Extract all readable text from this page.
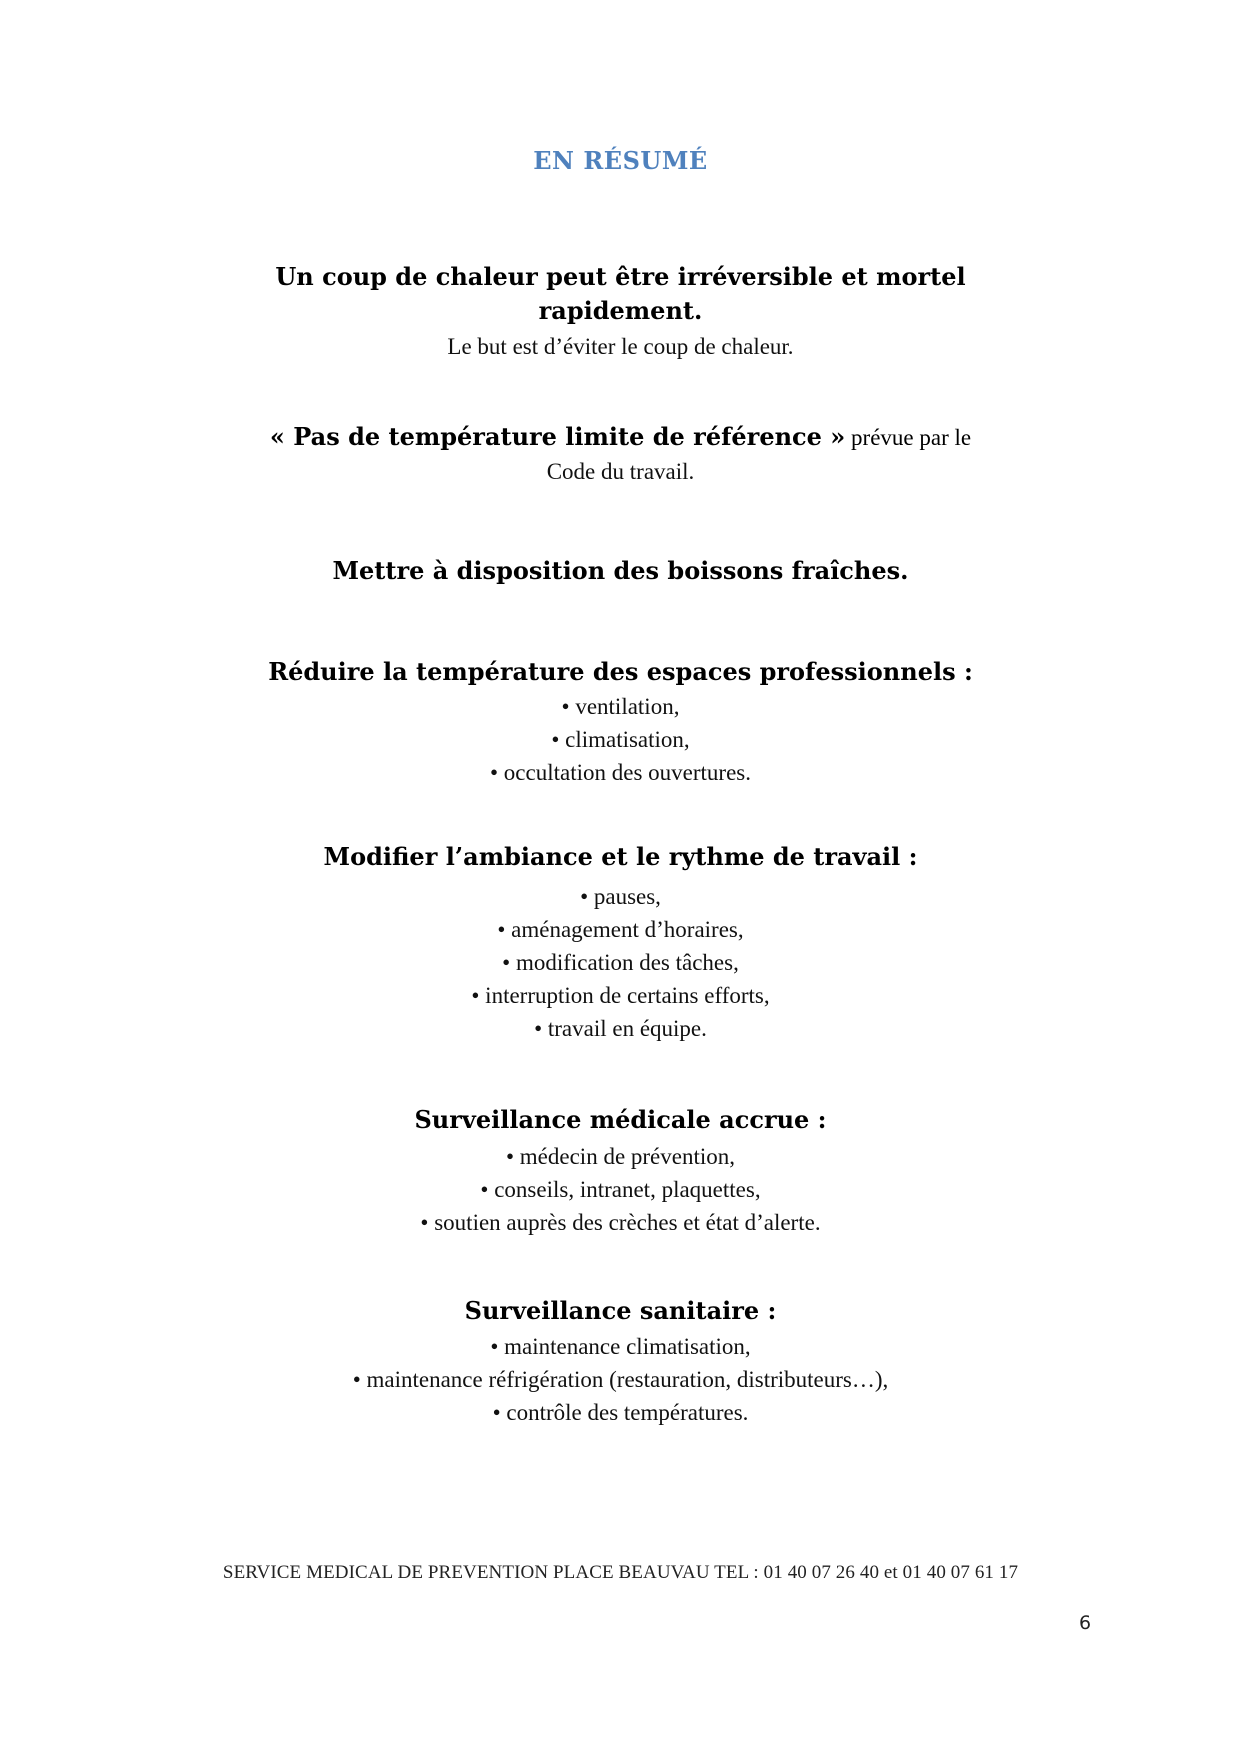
EN RÉSUMÉ
Un coup de chaleur peut être irréversible et mortel
rapidement.
Le but est d’éviter le coup de chaleur.
« Pas de température limite de référence » prévue par le
Code du travail.
Mettre à disposition des boissons fraîches.
Réduire la température des espaces professionnels :
• ventilation,
• climatisation,
• occultation des ouvertures.
Modifier l’ambiance et le rythme de travail :
• pauses,
• aménagement d’horaires,
• modification des tâches,
• interruption de certains efforts,
• travail en équipe.
Surveillance médicale accrue :
• médecin de prévention,
• conseils, intranet, plaquettes,
• soutien auprès des crèches et état d’alerte.
Surveillance sanitaire :
• maintenance climatisation,
• maintenance réfrigération (restauration, distributeurs…),
• contrôle des températures.
SERVICE MEDICAL DE PREVENTION PLACE BEAUVAU TEL : 01 40 07 26 40 et 01 40 07 61 17
6
